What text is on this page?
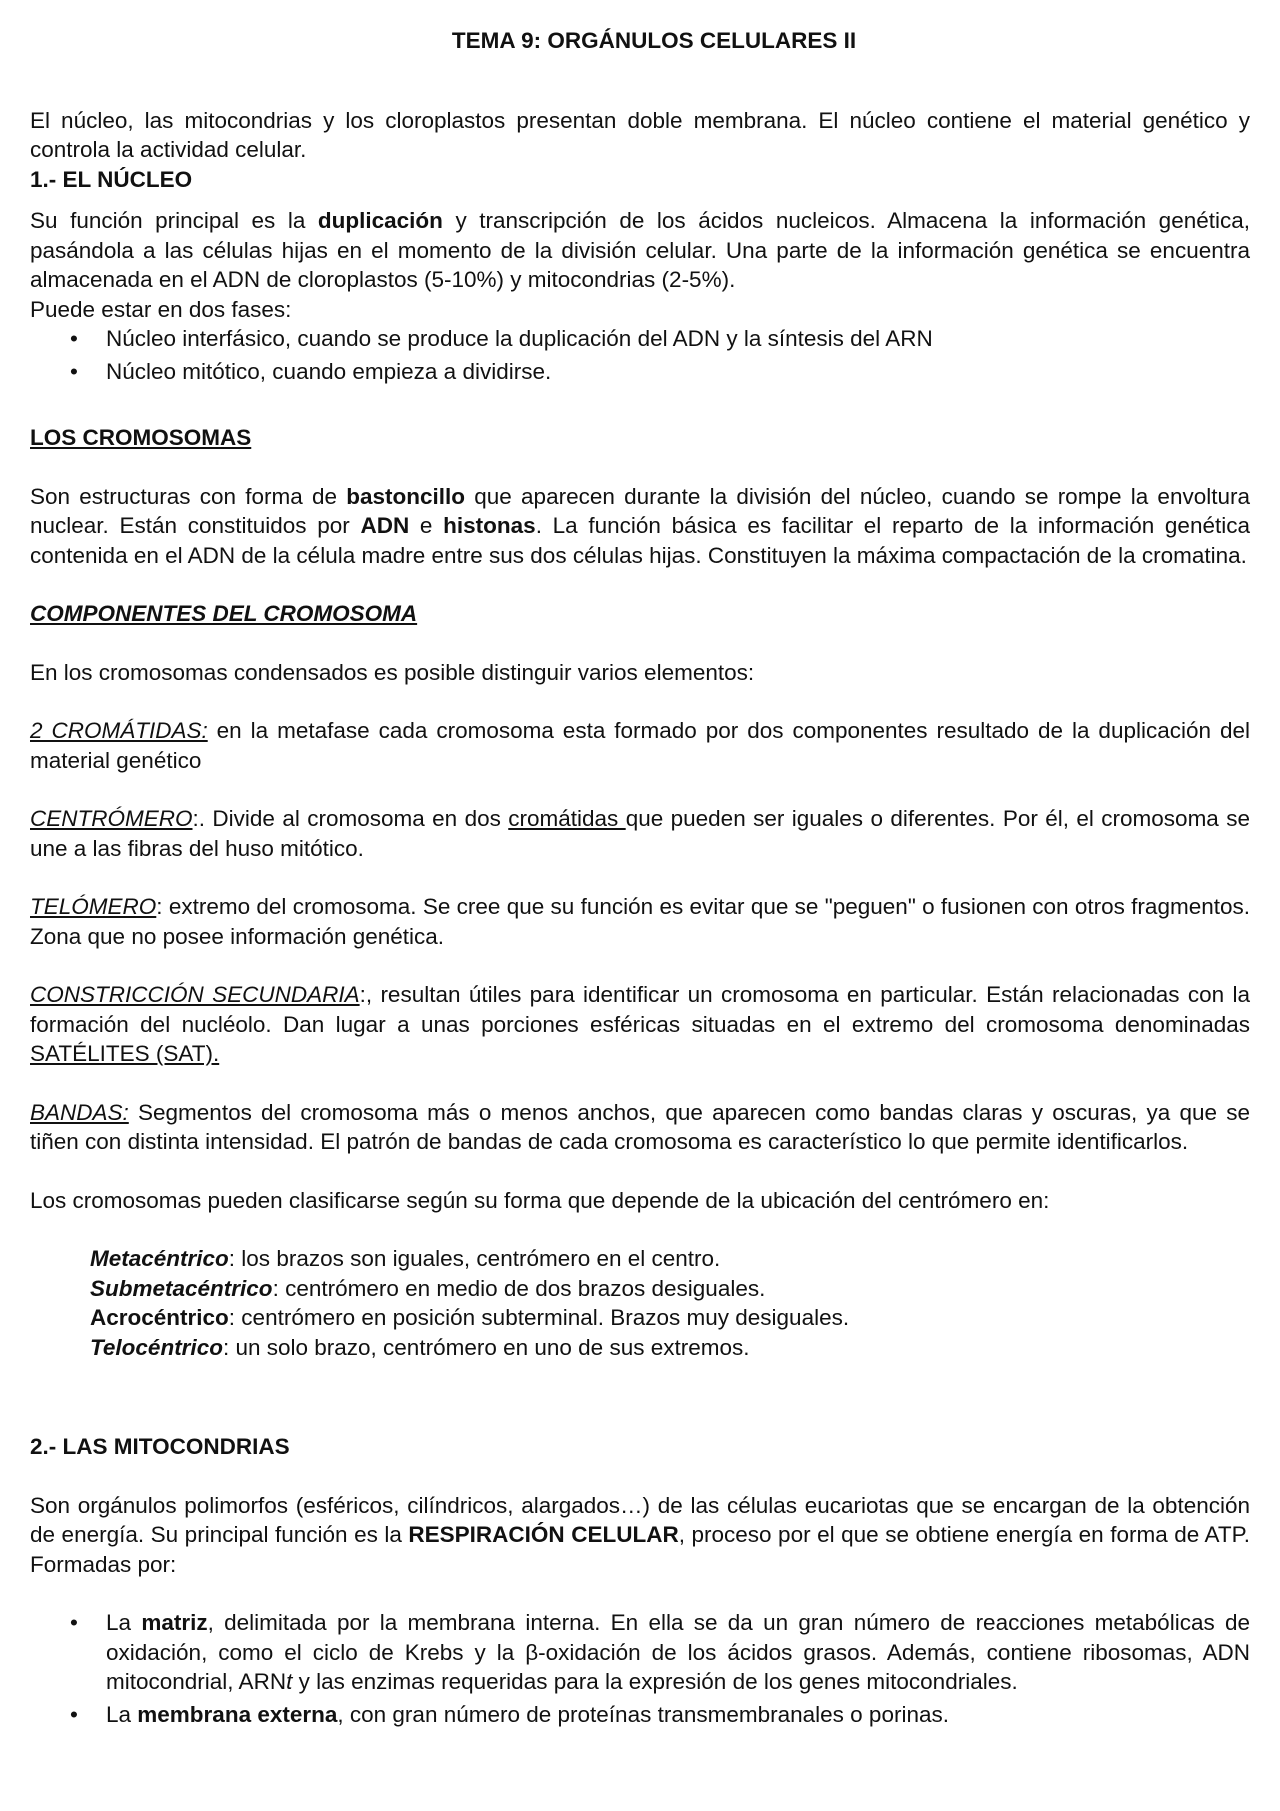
TEMA 9: ORGÁNULOS CELULARES II

El núcleo, las mitocondrias y los cloroplastos presentan doble membrana. El núcleo contiene el material genético y controla la actividad celular.

1.- EL NÚCLEO

Su función principal es la duplicación y transcripción de los ácidos nucleicos. Almacena la información genética, pasándola a las células hijas en el momento de la división celular. Una parte de la información genética se encuentra almacenada en el ADN de cloroplastos (5-10%) y mitocondrias (2-5%).

Puede estar en dos fases:
• Núcleo interfásico, cuando se produce la duplicación del ADN y la síntesis del ARN
• Núcleo mitótico, cuando empieza a dividirse.
LOS CROMOSOMAS

Son estructuras con forma de bastoncillo que aparecen durante la división del núcleo, cuando se rompe la envoltura nuclear. Están constituidos por ADN e histonas. La función básica es facilitar el reparto de la información genética contenida en el ADN de la célula madre entre sus dos células hijas. Constituyen la máxima compactación de la cromatina.

COMPONENTES DEL CROMOSOMA

En los cromosomas condensados es posible distinguir varios elementos:

2 CROMÁTIDAS: en la metafase cada cromosoma esta formado por dos componentes resultado de la duplicación del material genético

CENTRÓMERO:. Divide al cromosoma en dos cromátidas que pueden ser iguales o diferentes. Por él, el cromosoma se une a las fibras del huso mitótico.

TELÓMERO: extremo del cromosoma. Se cree que su función es evitar que se "peguen" o fusionen con otros fragmentos. Zona que no posee información genética.

CONSTRICCIÓN SECUNDARIA:, resultan útiles para identificar un cromosoma en particular. Están relacionadas con la formación del nucléolo. Dan lugar a unas porciones esféricas situadas en el extremo del cromosoma denominadas SATÉLITES (SAT).

BANDAS: Segmentos del cromosoma más o menos anchos, que aparecen como bandas claras y oscuras, ya que se tiñen con distinta intensidad. El patrón de bandas de cada cromosoma es característico lo que permite identificarlos.

Los cromosomas pueden clasificarse según su forma que depende de la ubicación del centrómero en:

Metacéntrico: los brazos son iguales, centrómero en el centro.
Submetacéntrico: centrómero en medio de dos brazos desiguales.
Acrocéntrico: centrómero en posición subterminal. Brazos muy desiguales.
Telocéntrico: un solo brazo, centrómero en uno de sus extremos.
2.- LAS MITOCONDRIAS

Son orgánulos polimorfos (esféricos, cilíndricos, alargados…) de las células eucariotas que se encargan de la obtención de energía. Su principal función es la RESPIRACIÓN CELULAR, proceso por el que se obtiene energía en forma de ATP. Formadas por:

• La matriz, delimitada por la membrana interna. En ella se da un gran número de reacciones metabólicas de oxidación, como el ciclo de Krebs y la β-oxidación de los ácidos grasos. Además, contiene ribosomas, ADN mitocondrial, ARNt y las enzimas requeridas para la expresión de los genes mitocondriales.
• La membrana externa, con gran número de proteínas transmembranales o porinas.
